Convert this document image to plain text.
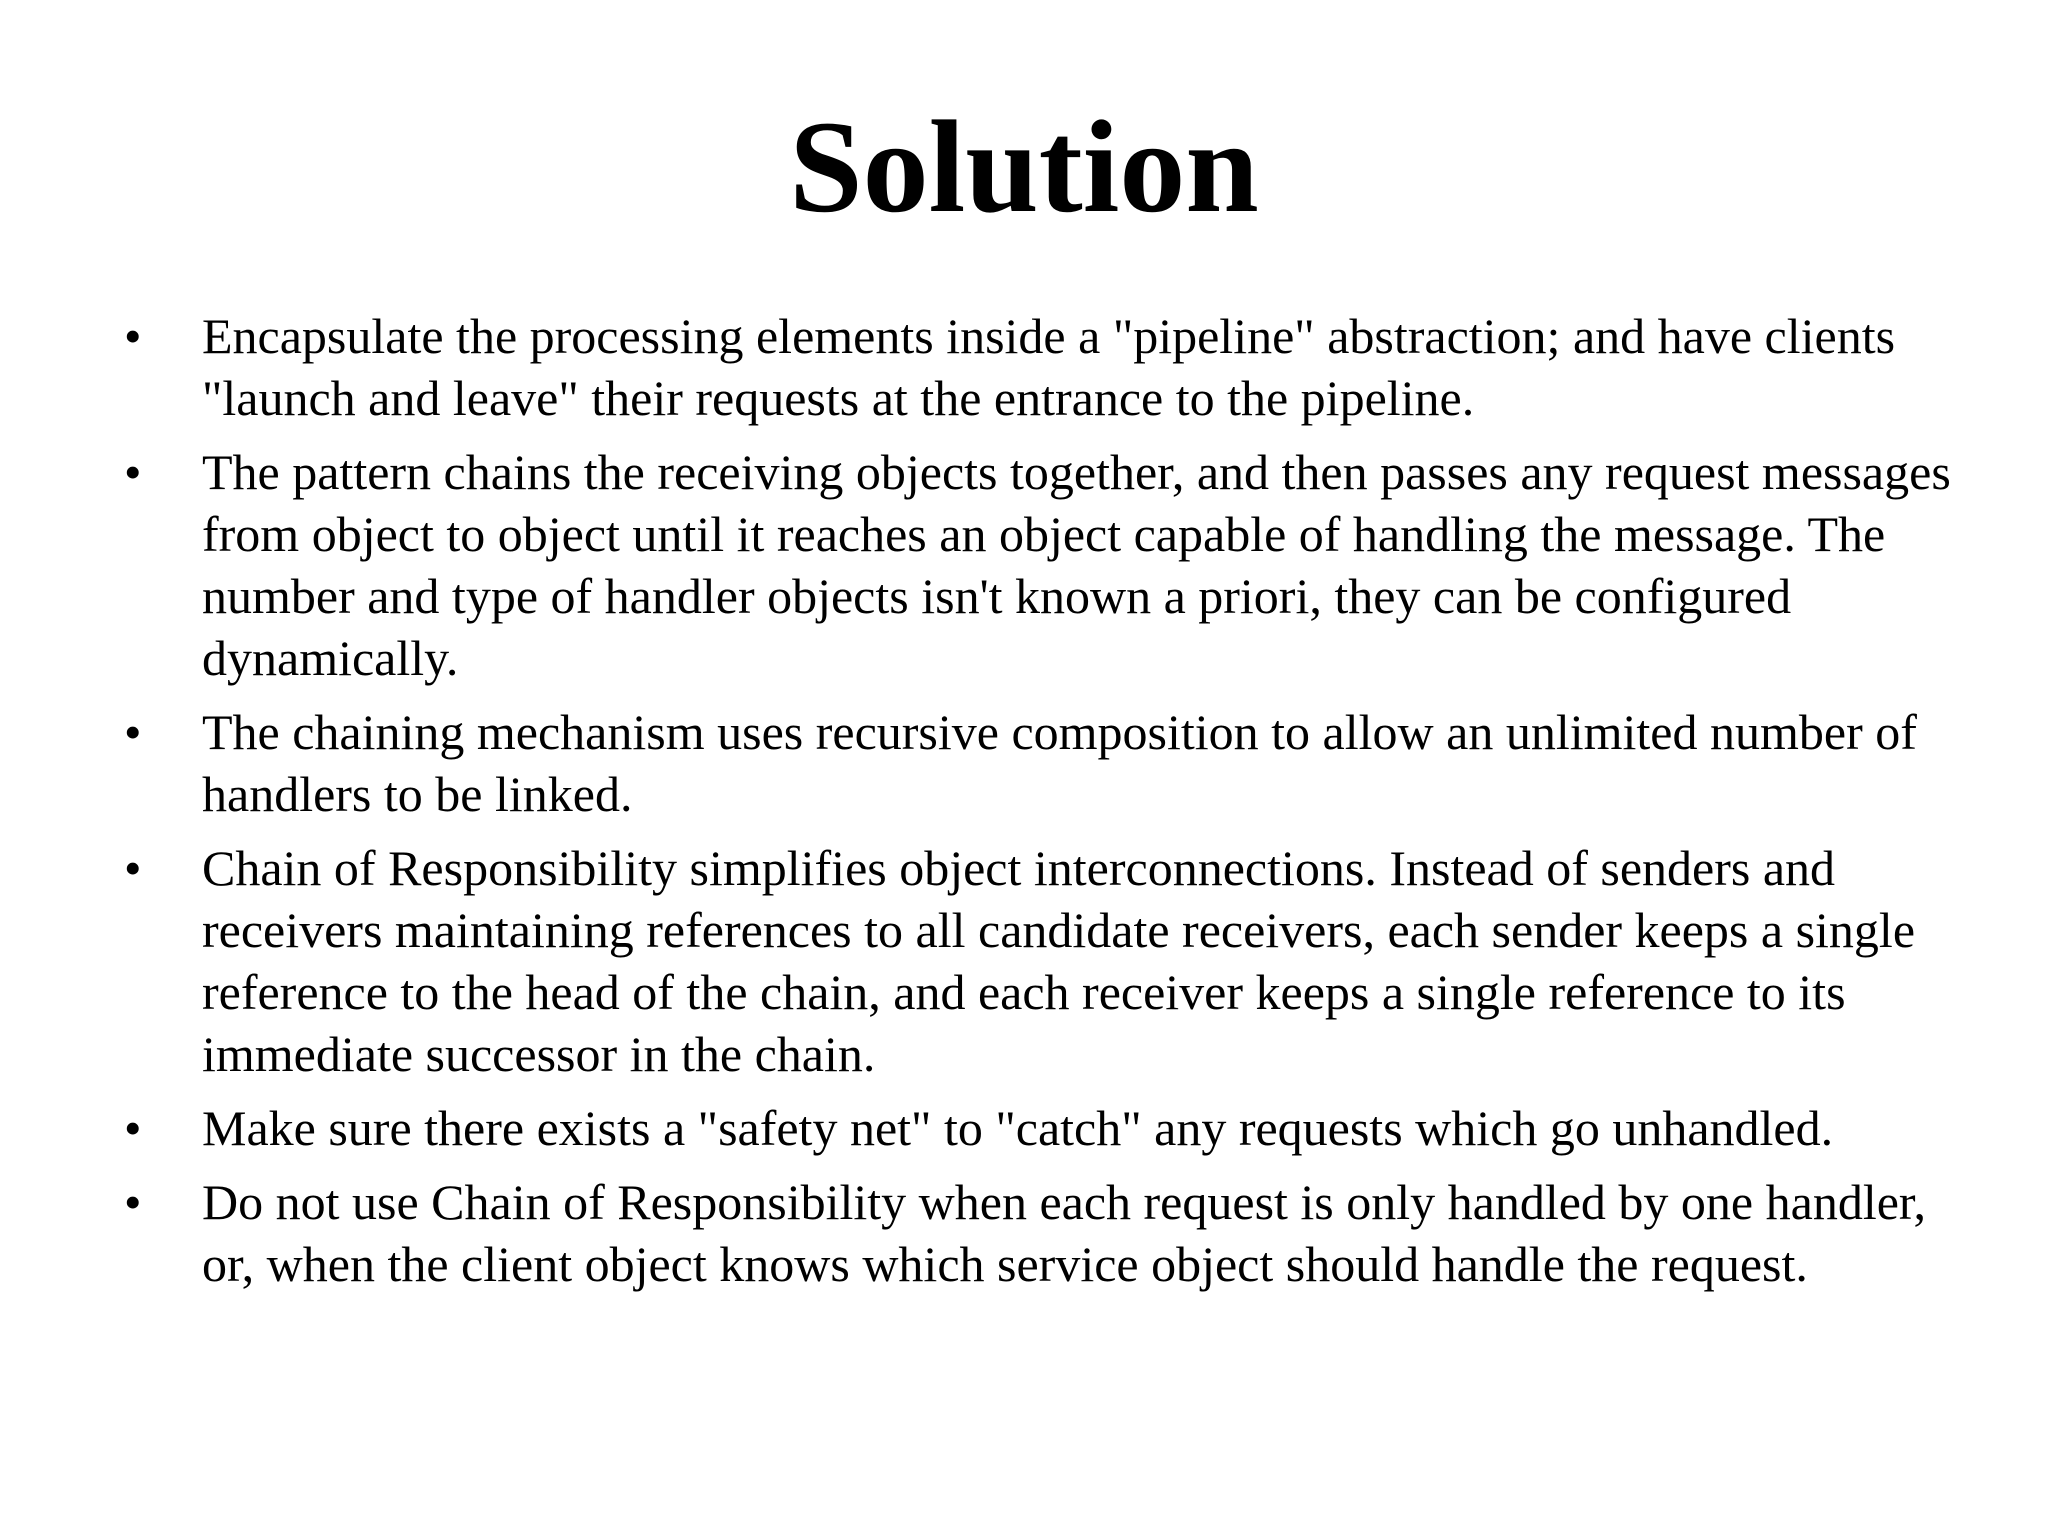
Solution
•	Encapsulate the processing elements inside a "pipeline" abstraction; and have clients "launch and leave" their requests at the entrance to the pipeline.
•	The pattern chains the receiving objects together, and then passes any request messages from object to object until it reaches an object capable of handling the message. The number and type of handler objects isn't known a priori, they can be configured dynamically.
•	The chaining mechanism uses recursive composition to allow an unlimited number of handlers to be linked.
•	Chain of Responsibility simplifies object interconnections. Instead of senders and receivers maintaining references to all candidate receivers, each sender keeps a single reference to the head of the chain, and each receiver keeps a single reference to its immediate successor in the chain.
•	Make sure there exists a "safety net" to "catch" any requests which go unhandled.
•	Do not use Chain of Responsibility when each request is only handled by one handler, or, when the client object knows which service object should handle the request.
